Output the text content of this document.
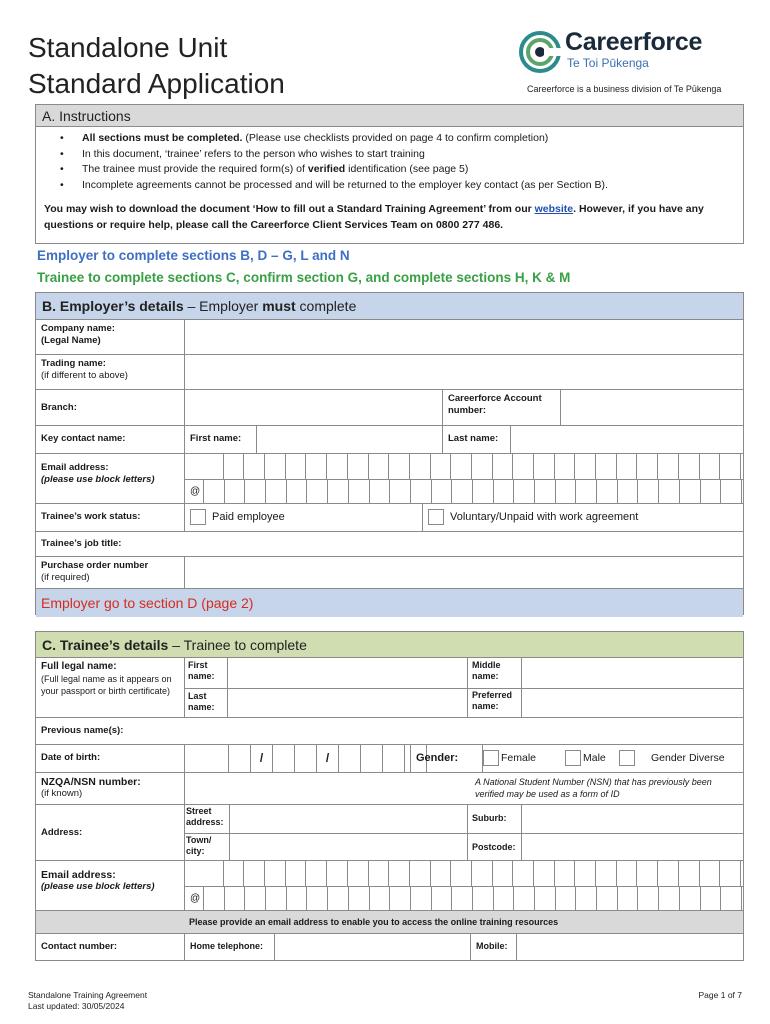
Standalone Unit
Standard Application
Careerforce
Te Toi Pūkenga
Careerforce is a business division of Te Pūkenga
A. Instructions
• All sections must be completed. (Please use checklists provided on page 4 to confirm completion)
• In this document, ‘trainee’ refers to the person who wishes to start training
• The trainee must provide the required form(s) of verified identification (see page 5)
• Incomplete agreements cannot be processed and will be returned to the employer key contact (as per Section B).

You may wish to download the document ‘How to fill out a Standard Training Agreement’ from our website. However, if you have any questions or require help, please call the Careerforce Client Services Team on 0800 277 486.

Employer to complete sections B, D – G, L and N
Trainee to complete sections C, confirm section G, and complete sections H, K & M
B. Employer’s details – Employer must complete
Company name:
(Legal Name)
Trading name:
(if different to above)
Branch:
Careerforce Account number:
Key contact name:	First name:	Last name:
Email address:
(please use block letters)
@
Trainee’s work status:	Paid employee	Voluntary/Unpaid with work agreement
Trainee’s job title:
Purchase order number
(if required)
Employer go to section D (page 2)
C. Trainee’s details – Trainee to complete
Full legal name:
(Full legal name as it appears on your passport or birth certificate)
First name:
Middle name:
Last name:
Preferred name:
Previous name(s):
Date of birth:	/	/	Gender:	Female	Male	Gender Diverse
NZQA/NSN number:
(if known)
A National Student Number (NSN) that has previously been verified may be used as a form of ID
Address:
Street address:	Suburb:
Town/ city:	Postcode:
Email address:
(please use block letters)
@
Please provide an email address to enable you to access the online training resources
Contact number:	Home telephone:	Mobile:
Standalone Training Agreement
Last updated: 30/05/2024
Page 1 of 7
